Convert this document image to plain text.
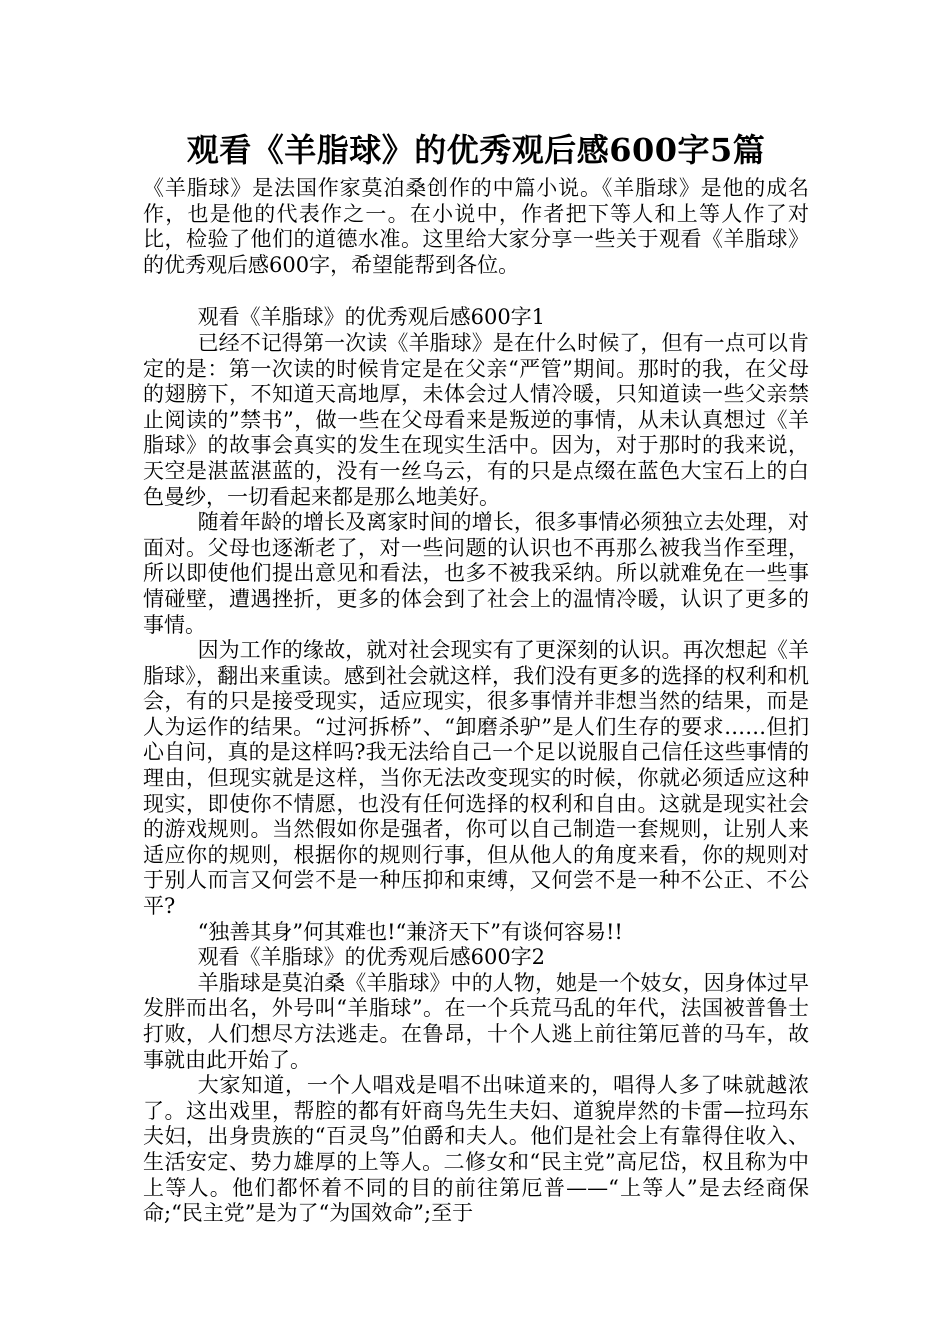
观看《羊脂球》的优秀观后感600字5篇

《羊脂球》是法国作家莫泊桑创作的中篇小说。《羊脂球》是他的成名作，也是他的代表作之一。在小说中，作者把下等人和上等人作了对比，检验了他们的道德水准。这里给大家分享一些关于观看《羊脂球》的优秀观后感600字，希望能帮到各位。

观看《羊脂球》的优秀观后感600字1

已经不记得第一次读《羊脂球》是在什么时候了，但有一点可以肯定的是：第一次读的时候肯定是在父亲“严管”期间。那时的我，在父母的翅膀下，不知道天高地厚，未体会过人情冷暖，只知道读一些父亲禁止阅读的”禁书”，做一些在父母看来是叛逆的事情，从未认真想过《羊脂球》的故事会真实的发生在现实生活中。因为，对于那时的我来说，天空是湛蓝湛蓝的，没有一丝乌云，有的只是点缀在蓝色大宝石上的白色曼纱，一切看起来都是那么地美好。

随着年龄的增长及离家时间的增长，很多事情必须独立去处理，对面对。父母也逐渐老了，对一些问题的认识也不再那么被我当作至理，所以即使他们提出意见和看法，也多不被我采纳。所以就难免在一些事情碰壁，遭遇挫折，更多的体会到了社会上的温情冷暖，认识了更多的事情。

因为工作的缘故，就对社会现实有了更深刻的认识。再次想起《羊脂球》，翻出来重读。感到社会就这样，我们没有更多的选择的权利和机会，有的只是接受现实，适应现实，很多事情并非想当然的结果，而是人为运作的结果。“过河拆桥”、“卸磨杀驴”是人们生存的要求……但扪心自问，真的是这样吗?我无法给自己一个足以说服自己信任这些事情的理由，但现实就是这样，当你无法改变现实的时候，你就必须适应这种现实，即使你不情愿，也没有任何选择的权利和自由。这就是现实社会的游戏规则。当然假如你是强者，你可以自己制造一套规则，让别人来适应你的规则，根据你的规则行事，但从他人的角度来看，你的规则对于别人而言又何尝不是一种压抑和束缚，又何尝不是一种不公正、不公平?

“独善其身”何其难也!“兼济天下”有谈何容易!!

观看《羊脂球》的优秀观后感600字2

羊脂球是莫泊桑《羊脂球》中的人物，她是一个妓女，因身体过早发胖而出名，外号叫“羊脂球”。在一个兵荒马乱的年代，法国被普鲁士打败，人们想尽方法逃走。在鲁昂，十个人逃上前往第厄普的马车，故事就由此开始了。

大家知道，一个人唱戏是唱不出味道来的，唱得人多了味就越浓了。这出戏里，帮腔的都有奸商鸟先生夫妇、道貌岸然的卡雷—拉玛东夫妇，出身贵族的“百灵鸟”伯爵和夫人。他们是社会上有靠得住收入、生活安定、势力雄厚的上等人。二修女和“民主党”高尼岱，权且称为中上等人。他们都怀着不同的目的前往第厄普——“上等人”是去经商保命;“民主党”是为了“为国效命”;至于
